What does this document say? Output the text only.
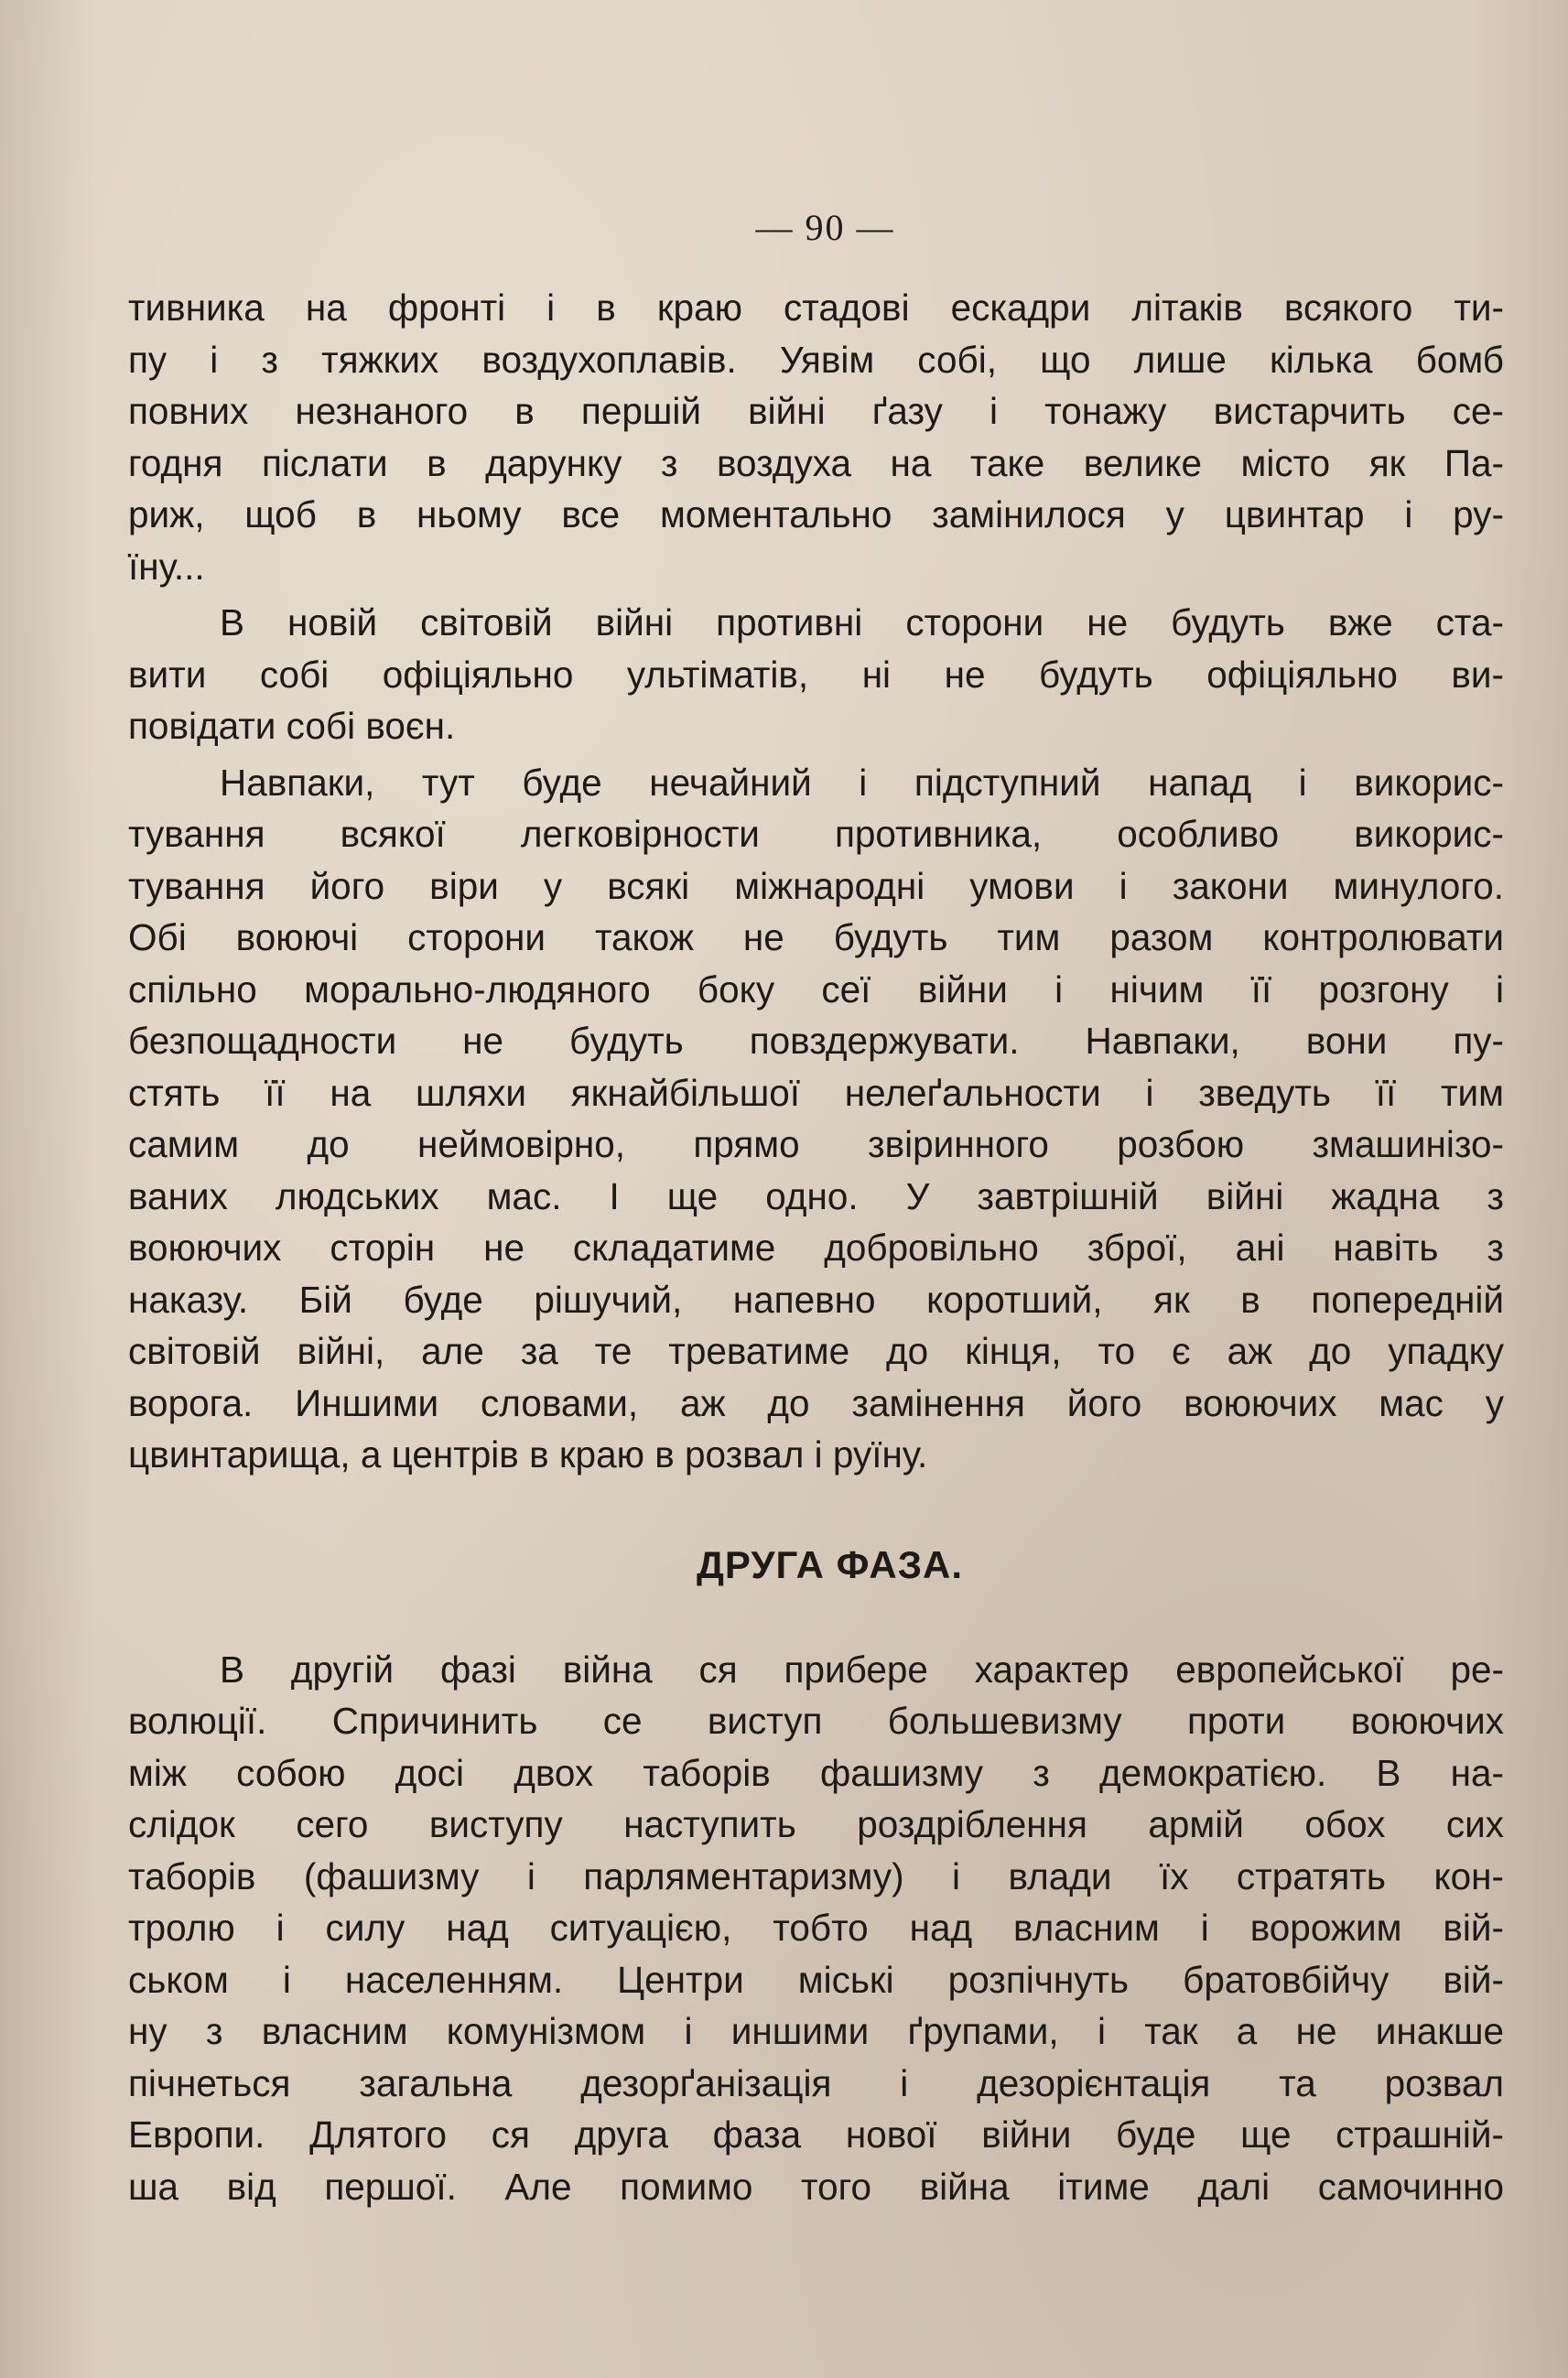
— 90 —

тивника на фронті і в краю стадові ескадри літаків всякого ти-
пу і з тяжких воздухоплавів. Уявім собі, що лише кілька бомб
повних незнаного в першій війні ґазу і тонажу вистарчить се-
годня післати в дарунку з воздуха на таке велике місто як Па-
риж, щоб в ньому все моментально замінилося у цвинтар і ру-
їну...

В новій світовій війні противні сторони не будуть вже ста-
вити собі офіціяльно ультіматів, ні не будуть офіціяльно ви-
повідати собі воєн.

Навпаки, тут буде нечайний і підступний напад і викорис-
тування всякої легковірности противника, особливо викорис-
тування його віри у всякі міжнародні умови і закони минулого.
Обі воюючі сторони також не будуть тим разом контролювати
спільно морально-людяного боку сеї війни і нічим її розгону і
безпощадности не будуть повздержувати. Навпаки, вони пу-
стять її на шляхи якнайбільшої нелеґальности і зведуть її тим
самим до неймовірно, прямо звіринного розбою змашинізо-
ваних людських мас. І ще одно. У завтрішній війні жадна з
воюючих сторін не складатиме добровільно зброї, ані навіть з
наказу. Бій буде рішучий, напевно коротший, як в попередній
світовій війні, але за те треватиме до кінця, то є аж до упадку
ворога. Иншими словами, аж до замінення його воюючих мас у
цвинтарища, а центрів в краю в розвал і руїну.

ДРУГА ФАЗА.

В другій фазі війна ся прибере характер европейської ре-
волюції. Спричинить се виступ большевизму проти воюючих
між собою досі двох таборів фашизму з демократією. В на-
слідок сего виступу наступить роздріблення армій обох сих
таборів (фашизму і парляментаризму) і влади їх стратять кон-
тролю і силу над ситуацією, тобто над власним і ворожим вій-
ськом і населенням. Центри міські розпічнуть братовбійчу вій-
ну з власним комунізмом і иншими ґрупами, і так а не инакше
пічнеться загальна дезорґанізація і дезорієнтація та розвал
Европи. Длятого ся друга фаза нової війни буде ще страшній-
ша від першої. Але помимо того війна ітиме далі самочинно
